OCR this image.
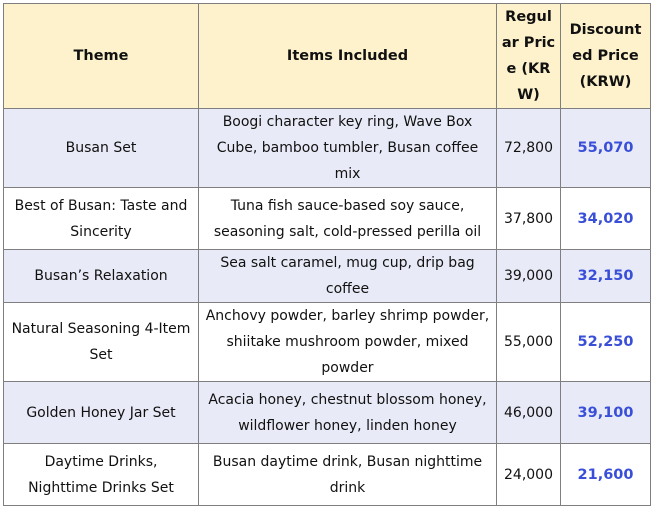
Theme	Items Included	Regular Price (KRW)	Discounted Price (KRW)
Busan Set	Boogi character key ring, Wave Box Cube, bamboo tumbler, Busan coffee mix	72,800	55,070
Best of Busan: Taste and Sincerity	Tuna fish sauce-based soy sauce, seasoning salt, cold-pressed perilla oil	37,800	34,020
Busan’s Relaxation	Sea salt caramel, mug cup, drip bag coffee	39,000	32,150
Natural Seasoning 4-Item Set	Anchovy powder, barley shrimp powder, shiitake mushroom powder, mixed powder	55,000	52,250
Golden Honey Jar Set	Acacia honey, chestnut blossom honey, wildflower honey, linden honey	46,000	39,100
Daytime Drinks, Nighttime Drinks Set	Busan daytime drink, Busan nighttime drink	24,000	21,600
